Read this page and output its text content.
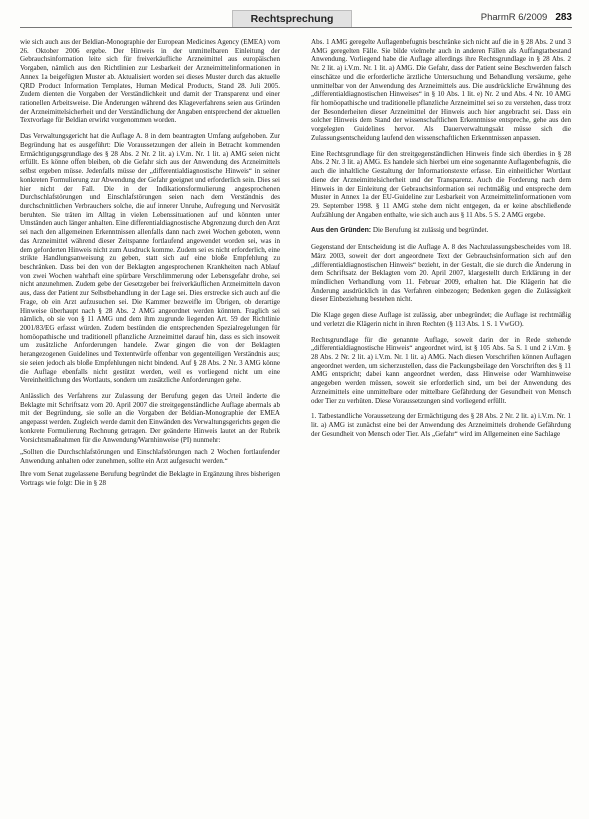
Rechtsprechung	PharmR 6/2009 283

wie sich auch aus der Beldian-Monographie der European Medicines Agency (EMEA) vom 26. Oktober 2006 ergebe. Der Hinweis in der unmittelbaren Einleitung der Gebrauchsinformation leite sich für freiverkäufliche Arzneimittel aus europäischen Vorgaben, nämlich aus den Richtlinien zur Lesbarkeit der Arzneimittelinformationen in Annex 1a beigefügten Muster ab. Aktualisiert worden sei dieses Muster durch das aktuelle QRD Product Information Templates, Human Medical Products, Stand 28. Juli 2005. Zudem dienten die Vorgaben der Verständlichkeit und damit der Transparenz und einer rationellen Arbeitsweise. Die Änderungen während des Klageverfahrens seien aus Gründen der Arzneimittelsicherheit und der Verständlichung der Angaben entsprechend der aktuellen Textvorlage für Beldian erwirkt vorgenommen worden.

Das Verwaltungsgericht hat die Auflage A. 8 in dem beantragten Umfang aufgehoben. Zur Begründung hat es ausgeführt: Die Voraussetzungen der allein in Betracht kommenden Ermächtigungsgrundlage des § 28 Abs. 2 Nr. 2 lit. a) i.V.m. Nr. 1 lit. a) AMG seien nicht erfüllt. Es könne offen bleiben, ob die Gefahr sich aus der Anwendung des Arzneimittels selbst ergeben müsse. Jedenfalls müsse der „differentialdiagnostische Hinweis“ in seiner konkreten Formulierung zur Abwendung der Gefahr geeignet und erforderlich sein. Dies sei hier nicht der Fall. Die in der Indikationsformulierung angesprochenen Durchschlafstörungen und Einschlafstörungen seien nach dem Verständnis des durchschnittlichen Verbrauchers solche, die auf innerer Unruhe, Aufregung und Nervosität beruhten. Sie träten im Alltag in vielen Lebenssituationen auf und könnten unter Umständen auch länger anhalten. Eine differentialdiagnostische Abgrenzung durch den Arzt sei nach den allgemeinen Erkenntnissen allenfalls dann nach zwei Wochen geboten, wenn das Arzneimittel während dieser Zeitspanne fortlaufend angewendet worden sei, was in dem geforderten Hinweis nicht zum Ausdruck komme. Zudem sei es nicht erforderlich, eine strikte Handlungsanweisung zu geben, statt sich auf eine bloße Empfehlung zu beschränken. Dass bei den von der Beklagten angesprochenen Krankheiten nach Ablauf von zwei Wochen wahrhaft eine spürbare Verschlimmerung oder Lebensgefahr drohe, sei nicht anzunehmen. Zudem gebe der Gesetzgeber bei freiverkäuflichen Arzneimitteln davon aus, dass der Patient zur Selbstbehandlung in der Lage sei. Dies erstrecke sich auch auf die Frage, ob ein Arzt aufzusuchen sei. Die Kammer bezweifle im Übrigen, ob derartige Hinweise überhaupt nach § 28 Abs. 2 AMG angeordnet werden könnten. Fraglich sei nämlich, ob sie von § 11 AMG und dem ihm zugrunde liegenden Art. 59 der Richtlinie 2001/83/EG erfasst würden. Zudem bestünden die entsprechenden Spezialregelungen für homöopathische und traditionell pflanzliche Arzneimittel darauf hin, dass es sich insoweit um zusätzliche Anforderungen handele. Zwar gingen die von der Beklagten herangezogenen Guidelines und Textentwürfe offenbar von gegenteiligen Verständnis aus; sie seien jedoch als bloße Empfehlungen nicht bindend. Auf § 28 Abs. 2 Nr. 3 AMG könne die Auflage ebenfalls nicht gestützt werden, weil es vorliegend nicht um eine Vereinheitlichung des Wortlauts, sondern um zusätzliche Anforderungen gehe.

Anlässlich des Verfahrens zur Zulassung der Berufung gegen das Urteil änderte die Beklagte mit Schriftsatz vom 20. April 2007 die streitgegenständliche Auflage abermals ab mit der Begründung, sie solle an die Vorgaben der Beldian-Monographie der EMEA angepasst werden. Zugleich werde damit den Einwänden des Verwaltungsgerichts gegen die konkrete Formulierung Rechnung getragen. Der geänderte Hinweis lautet an der Rubrik Vorsichtsmaßnahmen für die Anwendung/Warnhinweise (PI) nunmehr:

„Sollten die Durchschlafstörungen und Einschlafstörungen nach 2 Wochen fortlaufender Anwendung anhalten oder zunehmen, sollte ein Arzt aufgesucht werden.“

Ihre vom Senat zugelassene Berufung begründet die Beklagte in Ergänzung ihres bisherigen Vortrags wie folgt: Die in § 28

Abs. 1 AMG geregelte Auflagenbefugnis beschränke sich nicht auf die in § 28 Abs. 2 und 3 AMG geregelten Fälle. Sie bilde vielmehr auch in anderen Fällen als Auffangtatbestand Anwendung. Vorliegend habe die Auflage allerdings ihre Rechtsgrundlage in § 28 Abs. 2 Nr. 2 lit. a) i.V.m. Nr. 1 lit. a) AMG. Die Gefahr, dass der Patient seine Beschwerden falsch einschätze und die erforderliche ärztliche Untersuchung und Behandlung versäume, gehe unmittelbar von der Anwendung des Arzneimittels aus. Die ausdrückliche Erwähnung des „differentialdiagnostischen Hinweises“ in § 10 Abs. 1 lit. e) Nr. 2 und Abs. 4 Nr. 10 AMG für homöopathische und traditionelle pflanzliche Arzneimittel sei so zu verstehen, dass trotz der Besonderheiten dieser Arzneimittel der Hinweis auch hier angebracht sei. Dass ein solcher Hinweis dem Stand der wissenschaftlichen Erkenntnisse entspreche, gehe aus den vorgelegten Guidelines hervor. Als Dauerverwaltungsakt müsse sich die Zulassungsentscheidung laufend den wissenschaftlichen Erkenntnissen anpassen.

Eine Rechtsgrundlage für den streitgegenständlichen Hinweis finde sich überdies in § 28 Abs. 2 Nr. 3 lit. a) AMG. Es handele sich hierbei um eine sogenannte Auflagenbefugnis, die auch die inhaltliche Gestaltung der Informationstexte erfasse. Ein einheitlicher Wortlaut diene der Arzneimittelsicherheit und der Transparenz. Auch die Forderung nach dem Hinweis in der Einleitung der Gebrauchsinformation sei rechtmäßig und entspreche dem Muster in Annex 1a der EU-Guideline zur Lesbarkeit von Arzneimittelinformationen vom 29. September 1998. § 11 AMG stehe dem nicht entgegen, da er keine abschließende Aufzählung der Angaben enthalte, wie sich auch aus § 11 Abs. 5 S. 2 AMG ergebe.

Aus den Gründen: Die Berufung ist zulässig und begründet.

Gegenstand der Entscheidung ist die Auflage A. 8 des Nachzulassungsbescheides vom 18. März 2003, soweit der dort angeordnete Text der Gebrauchsinformation sich auf den „differentialdiagnostischen Hinweis“ bezieht, in der Gestalt, die sie durch die Änderung in dem Schriftsatz der Beklagten vom 20. April 2007, klargestellt durch Erklärung in der mündlichen Verhandlung vom 11. Februar 2009, erhalten hat. Die Klägerin hat die Änderung ausdrücklich in das Verfahren einbezogen; Bedenken gegen die Zulässigkeit dieser Einbeziehung bestehen nicht.

Die Klage gegen diese Auflage ist zulässig, aber unbegründet; die Auflage ist rechtmäßig und verletzt die Klägerin nicht in ihren Rechten (§ 113 Abs. 1 S. 1 VwGO).

Rechtsgrundlage für die genannte Auflage, soweit darin der in Rede stehende „differentialdiagnostische Hinweis“ angeordnet wird, ist § 105 Abs. 5a S. 1 und 2 i.V.m. § 28 Abs. 2 Nr. 2 lit. a) i.V.m. Nr. 1 lit. a) AMG. Nach diesen Vorschriften können Auflagen angeordnet werden, um sicherzustellen, dass die Packungsbeilage den Vorschriften des § 11 AMG entspricht; dabei kann angeordnet werden, dass Hinweise oder Warnhinweise angegeben werden müssen, soweit sie erforderlich sind, um bei der Anwendung des Arzneimittels eine unmittelbare oder mittelbare Gefährdung der Gesundheit von Mensch oder Tier zu verhüten. Diese Voraussetzungen sind vorliegend erfüllt.

1. Tatbestandliche Voraussetzung der Ermächtigung des § 28 Abs. 2 Nr. 2 lit. a) i.V.m. Nr. 1 lit. a) AMG ist zunächst eine bei der Anwendung des Arzneimittels drohende Gefährdung der Gesundheit von Mensch oder Tier. Als „Gefahr“ wird im Allgemeinen eine Sachlage
